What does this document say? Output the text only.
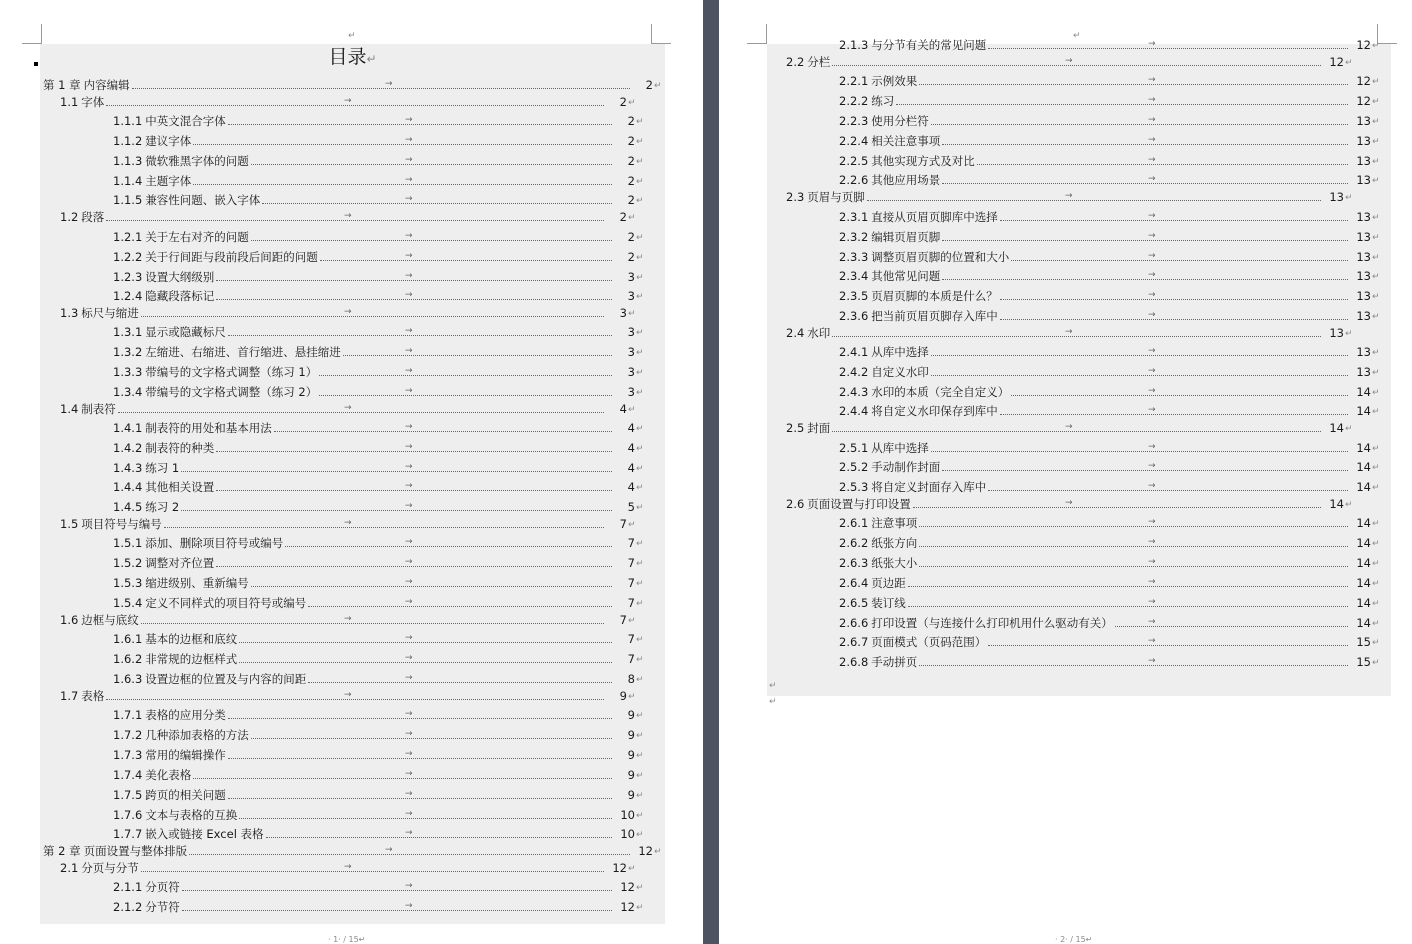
↵
目录↵
第 1 章 内容编辑	→	2 ↵
1.1 字体	→	2 ↵
1.1.1 中英文混合字体	→	2 ↵
1.1.2 建议字体	→	2 ↵
1.1.3 微软雅黑字体的问题	→	2 ↵
1.1.4 主题字体	→	2 ↵
1.1.5 兼容性问题、嵌入字体	→	2 ↵
1.2 段落	→	2 ↵
1.2.1 关于左右对齐的问题	→	2 ↵
1.2.2 关于行间距与段前段后间距的问题	→	2 ↵
1.2.3 设置大纲级别	→	3 ↵
1.2.4 隐藏段落标记	→	3 ↵
1.3 标尺与缩进	→	3 ↵
1.3.1 显示或隐藏标尺	→	3 ↵
1.3.2 左缩进、右缩进、首行缩进、悬挂缩进	→	3 ↵
1.3.3 带编号的文字格式调整（练习 1）	→	3 ↵
1.3.4 带编号的文字格式调整（练习 2）	→	3 ↵
1.4 制表符	→	4 ↵
1.4.1 制表符的用处和基本用法	→	4 ↵
1.4.2 制表符的种类	→	4 ↵
1.4.3 练习 1	→	4 ↵
1.4.4 其他相关设置	→	4 ↵
1.4.5 练习 2	→	5 ↵
1.5 项目符号与编号	→	7 ↵
1.5.1 添加、删除项目符号或编号	→	7 ↵
1.5.2 调整对齐位置	→	7 ↵
1.5.3 缩进级别、重新编号	→	7 ↵
1.5.4 定义不同样式的项目符号或编号	→	7 ↵
1.6 边框与底纹	→	7 ↵
1.6.1 基本的边框和底纹	→	7 ↵
1.6.2 非常规的边框样式	→	7 ↵
1.6.3 设置边框的位置及与内容的间距	→	8 ↵
1.7 表格	→	9 ↵
1.7.1 表格的应用分类	→	9 ↵
1.7.2 几种添加表格的方法	→	9 ↵
1.7.3 常用的编辑操作	→	9 ↵
1.7.4 美化表格	→	9 ↵
1.7.5 跨页的相关问题	→	9 ↵
1.7.6 文本与表格的互换	→	10 ↵
1.7.7 嵌入或链接 Excel 表格	→	10 ↵
第 2 章 页面设置与整体排版	→	12 ↵
2.1 分页与分节	→	12 ↵
2.1.1 分页符	→	12 ↵
2.1.2 分节符	→	12 ↵
· 1· / 15↵
↵
2.1.3 与分节有关的常见问题	→	12 ↵
2.2 分栏	→	12 ↵
2.2.1 示例效果	→	12 ↵
2.2.2 练习	→	12 ↵
2.2.3 使用分栏符	→	13 ↵
2.2.4 相关注意事项	→	13 ↵
2.2.5 其他实现方式及对比	→	13 ↵
2.2.6 其他应用场景	→	13 ↵
2.3 页眉与页脚	→	13 ↵
2.3.1 直接从页眉页脚库中选择	→	13 ↵
2.3.2 编辑页眉页脚	→	13 ↵
2.3.3 调整页眉页脚的位置和大小	→	13 ↵
2.3.4 其他常见问题	→	13 ↵
2.3.5 页眉页脚的本质是什么？	→	13 ↵
2.3.6 把当前页眉页脚存入库中	→	13 ↵
2.4 水印	→	13 ↵
2.4.1 从库中选择	→	13 ↵
2.4.2 自定义水印	→	13 ↵
2.4.3 水印的本质（完全自定义）	→	14 ↵
2.4.4 将自定义水印保存到库中	→	14 ↵
2.5 封面	→	14 ↵
2.5.1 从库中选择	→	14 ↵
2.5.2 手动制作封面	→	14 ↵
2.5.3 将自定义封面存入库中	→	14 ↵
2.6 页面设置与打印设置	→	14 ↵
2.6.1 注意事项	→	14 ↵
2.6.2 纸张方向	→	14 ↵
2.6.3 纸张大小	→	14 ↵
2.6.4 页边距	→	14 ↵
2.6.5 装订线	→	14 ↵
2.6.6 打印设置（与连接什么打印机用什么驱动有关）	→	14 ↵
2.6.7 页面模式（页码范围）	→	15 ↵
2.6.8 手动拼页	→	15 ↵
↵
↵
· 2· / 15↵
